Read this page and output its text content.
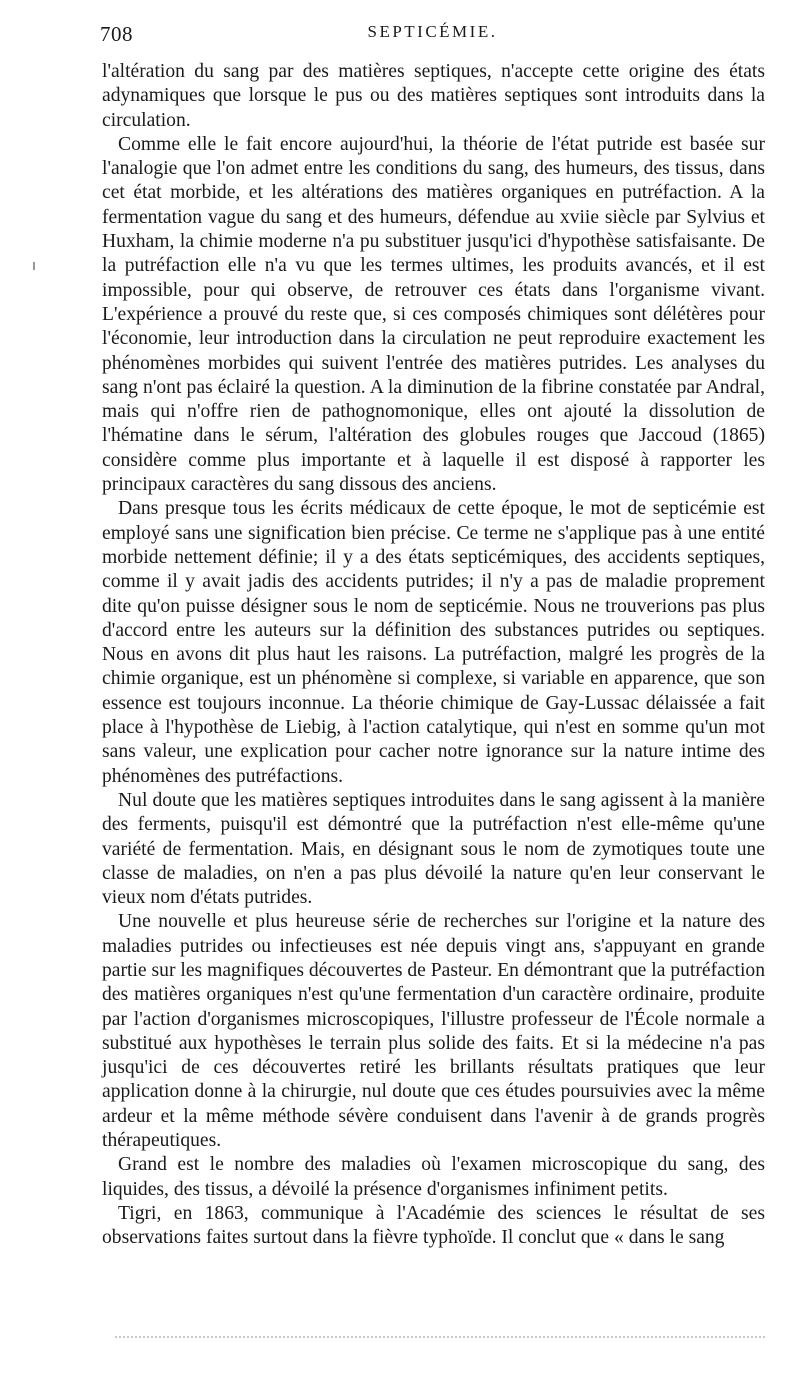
708	SEPTICÉMIE.

l'altération du sang par des matières septiques, n'accepte cette origine des états adynamiques que lorsque le pus ou des matières septiques sont introduits dans la circulation.

Comme elle le fait encore aujourd'hui, la théorie de l'état putride est basée sur l'analogie que l'on admet entre les conditions du sang, des humeurs, des tissus, dans cet état morbide, et les altérations des matières organiques en putréfaction. A la fermentation vague du sang et des humeurs, défendue au xviie siècle par Sylvius et Huxham, la chimie moderne n'a pu substituer jusqu'ici d'hypothèse satisfaisante. De la putréfaction elle n'a vu que les termes ultimes, les produits avancés, et il est impossible, pour qui observe, de retrouver ces états dans l'organisme vivant. L'expérience a prouvé du reste que, si ces composés chimiques sont délétères pour l'économie, leur introduction dans la circulation ne peut reproduire exactement les phénomènes morbides qui suivent l'entrée des matières putrides. Les analyses du sang n'ont pas éclairé la question. A la diminution de la fibrine constatée par Andral, mais qui n'offre rien de pathognomonique, elles ont ajouté la dissolution de l'hématine dans le sérum, l'altération des globules rouges que Jaccoud (1865) considère comme plus importante et à laquelle il est disposé à rapporter les principaux caractères du sang dissous des anciens.

Dans presque tous les écrits médicaux de cette époque, le mot de septicémie est employé sans une signification bien précise. Ce terme ne s'applique pas à une entité morbide nettement définie; il y a des états septicémiques, des accidents septiques, comme il y avait jadis des accidents putrides; il n'y a pas de maladie proprement dite qu'on puisse désigner sous le nom de septicémie. Nous ne trouverions pas plus d'accord entre les auteurs sur la définition des substances putrides ou septiques. Nous en avons dit plus haut les raisons. La putréfaction, malgré les progrès de la chimie organique, est un phénomène si complexe, si variable en apparence, que son essence est toujours inconnue. La théorie chimique de Gay-Lussac délaissée a fait place à l'hypothèse de Liebig, à l'action catalytique, qui n'est en somme qu'un mot sans valeur, une explication pour cacher notre ignorance sur la nature intime des phénomènes des putréfactions.

Nul doute que les matières septiques introduites dans le sang agissent à la manière des ferments, puisqu'il est démontré que la putréfaction n'est elle-même qu'une variété de fermentation. Mais, en désignant sous le nom de zymotiques toute une classe de maladies, on n'en a pas plus dévoilé la nature qu'en leur conservant le vieux nom d'états putrides.

Une nouvelle et plus heureuse série de recherches sur l'origine et la nature des maladies putrides ou infectieuses est née depuis vingt ans, s'appuyant en grande partie sur les magnifiques découvertes de Pasteur. En démontrant que la putréfaction des matières organiques n'est qu'une fermentation d'un caractère ordinaire, produite par l'action d'organismes microscopiques, l'illustre professeur de l'École normale a substitué aux hypothèses le terrain plus solide des faits. Et si la médecine n'a pas jusqu'ici de ces découvertes retiré les brillants résultats pratiques que leur application donne à la chirurgie, nul doute que ces études poursuivies avec la même ardeur et la même méthode sévère conduisent dans l'avenir à de grands progrès thérapeutiques.

Grand est le nombre des maladies où l'examen microscopique du sang, des liquides, des tissus, a dévoilé la présence d'organismes infiniment petits.

Tigri, en 1863, communique à l'Académie des sciences le résultat de ses observations faites surtout dans la fièvre typhoïde. Il conclut que « dans le sang
